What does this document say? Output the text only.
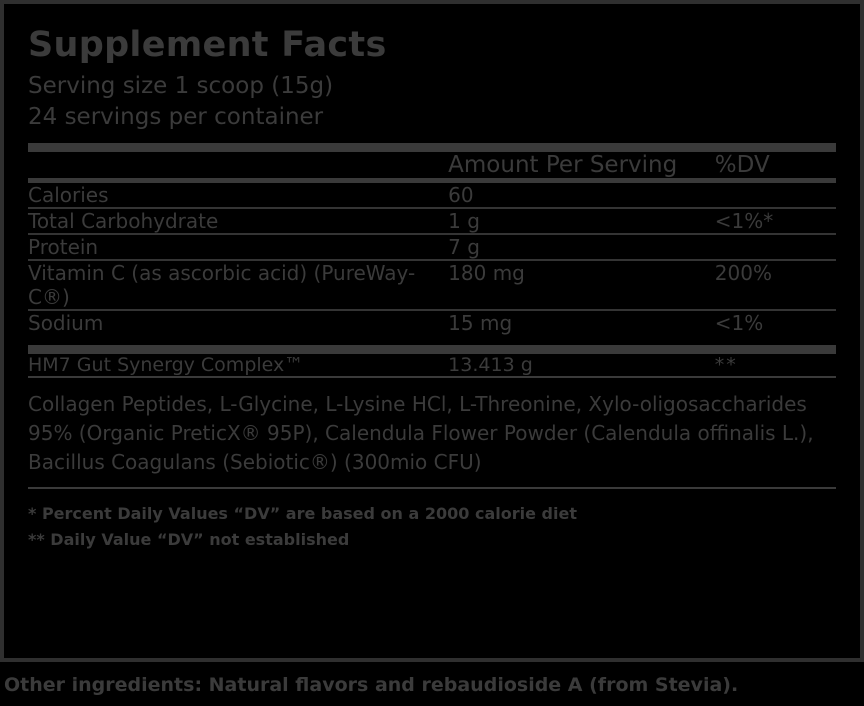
Supplement Facts
Serving size 1 scoop (15g)
24 servings per container
	Amount Per Serving	%DV
Calories	60	
Total Carbohydrate	1 g	<1%*
Protein	7 g	
Vitamin C (as ascorbic acid) (PureWay-C®)	180 mg	200%
Sodium	15 mg	<1%
HM7 Gut Synergy Complex™	13.413 g	**
Collagen Peptides, L-Glycine, L-Lysine HCl, L-Threonine, Xylo-oligosaccharides 95% (Organic PreticX® 95P), Calendula Flower Powder (Calendula offinalis L.), Bacillus Coagulans (Sebiotic®) (300mio CFU)
* Percent Daily Values “DV” are based on a 2000 calorie diet
** Daily Value “DV” not established
Other ingredients: Natural flavors and rebaudioside A (from Stevia).
